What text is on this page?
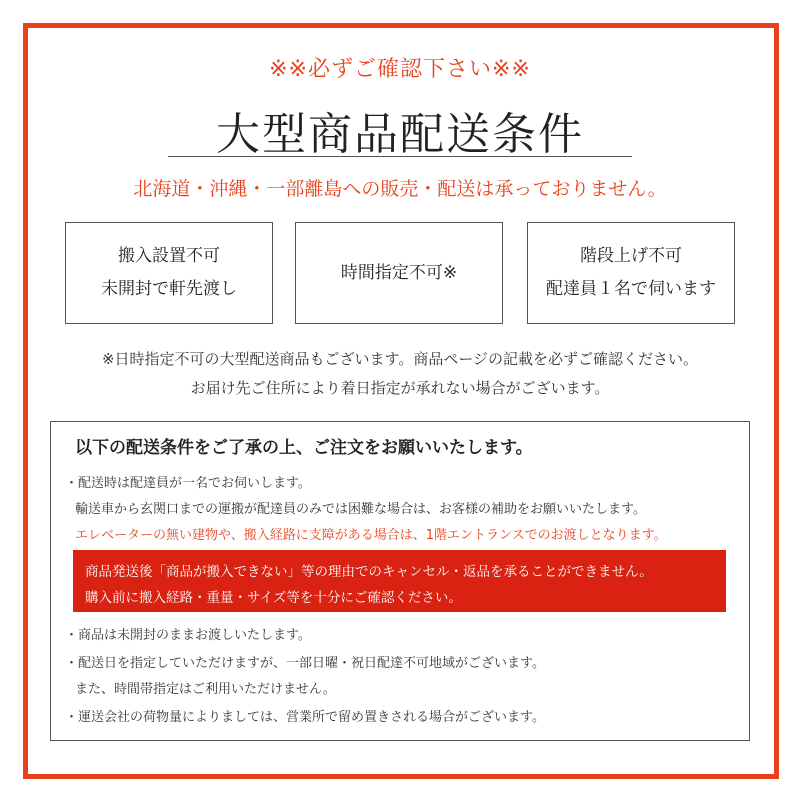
※※必ずご確認下さい※※
大型商品配送条件
北海道・沖縄・一部離島への販売・配送は承っておりません。
搬入設置不可
未開封で軒先渡し
時間指定不可※
階段上げ不可
配達員１名で伺います
※日時指定不可の大型配送商品もございます。商品ページの記載を必ずご確認ください。
お届け先ご住所により着日指定が承れない場合がございます。
以下の配送条件をご了承の上、ご注文をお願いいたします。
・配送時は配達員が一名でお伺いします。
輸送車から玄関口までの運搬が配達員のみでは困難な場合は、お客様の補助をお願いいたします。
エレベーターの無い建物や、搬入経路に支障がある場合は、1階エントランスでのお渡しとなります。
商品発送後「商品が搬入できない」等の理由でのキャンセル・返品を承ることができません。
購入前に搬入経路・重量・サイズ等を十分にご確認ください。
・商品は未開封のままお渡しいたします。
・配送日を指定していただけますが、一部日曜・祝日配達不可地域がございます。
また、時間帯指定はご利用いただけません。
・運送会社の荷物量によりましては、営業所で留め置きされる場合がございます。
